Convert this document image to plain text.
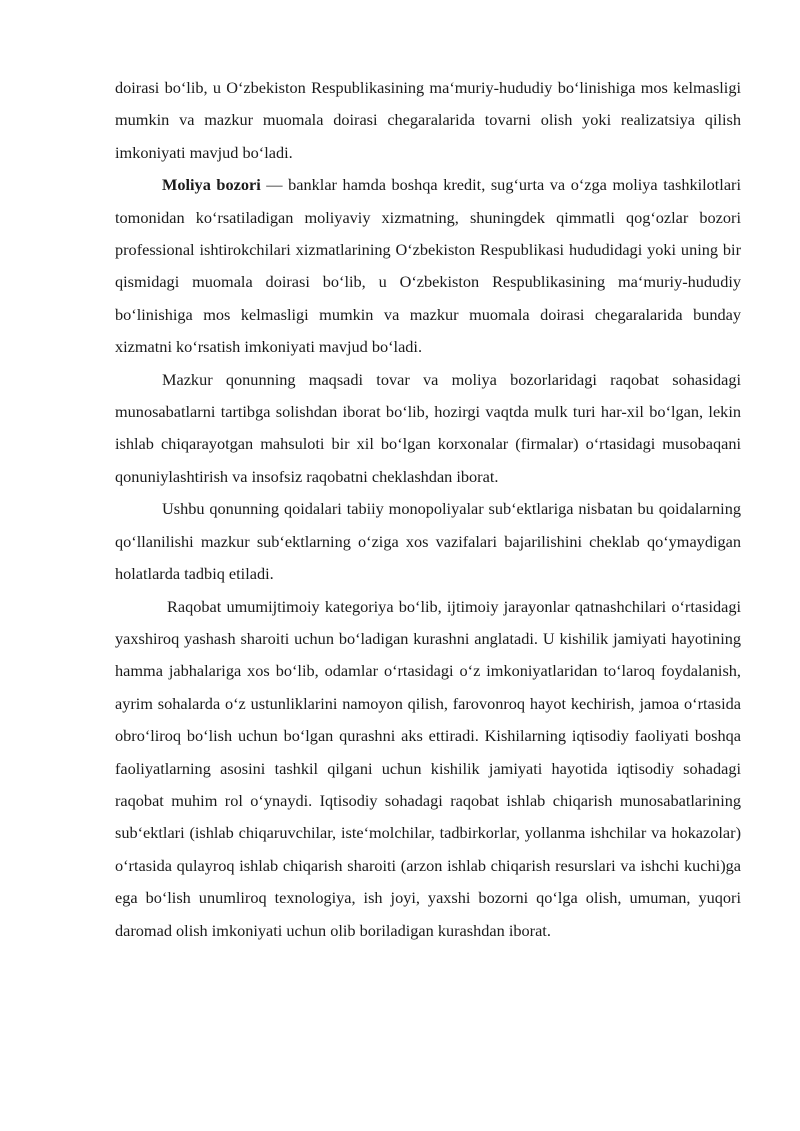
doirasi bo‘lib, u O‘zbekiston Respublikasining ma‘muriy-hududiy bo‘linishiga mos kelmasligi mumkin va mazkur muomala doirasi chegaralarida tovarni olish yoki realizatsiya qilish imkoniyati mavjud bo‘ladi.

Moliya bozori — banklar hamda boshqa kredit, sug‘urta va o‘zga moliya tashkilotlari tomonidan ko‘rsatiladigan moliyaviy xizmatning, shuningdek qimmatli qog‘ozlar bozori professional ishtirokchilari xizmatlarining O‘zbekiston Respublikasi hududidagi yoki uning bir qismidagi muomala doirasi bo‘lib, u O‘zbekiston Respublikasining ma‘muriy-hududiy bo‘linishiga mos kelmasligi mumkin va mazkur muomala doirasi chegaralarida bunday xizmatni ko‘rsatish imkoniyati mavjud bo‘ladi.

Mazkur qonunning maqsadi tovar va moliya bozorlaridagi raqobat sohasidagi munosabatlarni tartibga solishdan iborat bo‘lib, hozirgi vaqtda mulk turi har-xil bo‘lgan, lekin ishlab chiqarayotgan mahsuloti bir xil bo‘lgan korxonalar (firmalar) o‘rtasidagi musobaqani qonuniylashtirish va insofsiz raqobatni cheklashdan iborat.

Ushbu qonunning qoidalari tabiiy monopoliyalar sub‘ektlariga nisbatan bu qoidalarning qo‘llanilishi mazkur sub‘ektlarning o‘ziga xos vazifalari bajarilishini cheklab qo‘ymaydigan holatlarda tadbiq etiladi.

Raqobat umumijtimoiy kategoriya bo‘lib, ijtimoiy jarayonlar qatnashchilari o‘rtasidagi yaxshiroq yashash sharoiti uchun bo‘ladigan kurashni anglatadi. U kishilik jamiyati hayotining hamma jabhalariga xos bo‘lib, odamlar o‘rtasidagi o‘z imkoniyatlaridan to‘laroq foydalanish, ayrim sohalarda o‘z ustunliklarini namoyon qilish, farovonroq hayot kechirish, jamoa o‘rtasida obro‘liroq bo‘lish uchun bo‘lgan qurashni aks ettiradi. Kishilarning iqtisodiy faoliyati boshqa faoliyatlarning asosini tashkil qilgani uchun kishilik jamiyati hayotida iqtisodiy sohadagi raqobat muhim rol o‘ynaydi. Iqtisodiy sohadagi raqobat ishlab chiqarish munosabatlarining sub‘ektlari (ishlab chiqaruvchilar, iste‘molchilar, tadbirkorlar, yollanma ishchilar va hokazolar) o‘rtasida qulayroq ishlab chiqarish sharoiti (arzon ishlab chiqarish resurslari va ishchi kuchi)ga ega bo‘lish unumliroq texnologiya, ish joyi, yaxshi bozorni qo‘lga olish, umuman, yuqori daromad olish imkoniyati uchun olib boriladigan kurashdan iborat.
